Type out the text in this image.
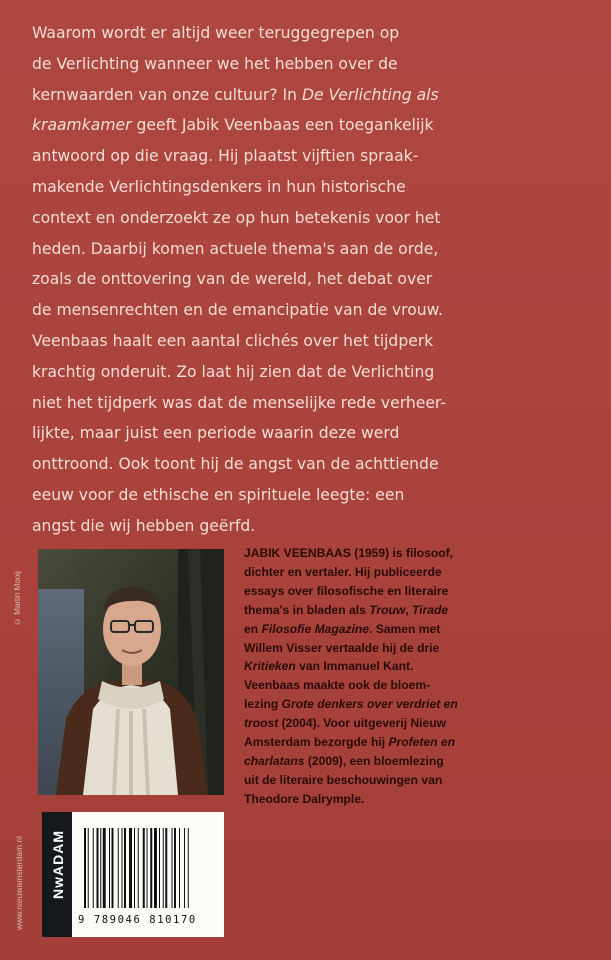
Waarom wordt er altijd weer teruggegrepen op
de Verlichting wanneer we het hebben over de
kernwaarden van onze cultuur? In De Verlichting als
kraamkamer geeft Jabik Veenbaas een toegankelijk
antwoord op die vraag. Hij plaatst vijftien spraak-
makende Verlichtingsdenkers in hun historische
context en onderzoekt ze op hun betekenis voor het
heden. Daarbij komen actuele thema's aan de orde,
zoals de onttovering van de wereld, het debat over
de mensenrechten en de emancipatie van de vrouw.
Veenbaas haalt een aantal clichés over het tijdperk
krachtig onderuit. Zo laat hij zien dat de Verlichting
niet het tijdperk was dat de menselijke rede verheer-
lijkte, maar juist een periode waarin deze werd
onttroond. Ook toont hij de angst van de achttiende
eeuw voor de ethische en spirituele leegte: een
angst die wij hebben geërfd.

© Martin Mooij

JABIK VEENBAAS (1959) is filosoof,
dichter en vertaler. Hij publiceerde
essays over filosofische en literaire
thema's in bladen als Trouw, Tirade
en Filosofie Magazine. Samen met
Willem Visser vertaalde hij de drie
Kritieken van Immanuel Kant.
Veenbaas maakte ook de bloem-
lezing Grote denkers over verdriet en
troost (2004). Voor uitgeverij Nieuw
Amsterdam bezorgde hij Profeten en
charlatans (2009), een bloemlezing
uit de literaire beschouwingen van
Theodore Dalrymple.

www.nieuwamsterdam.nl NwADAM
9 789046 810170
